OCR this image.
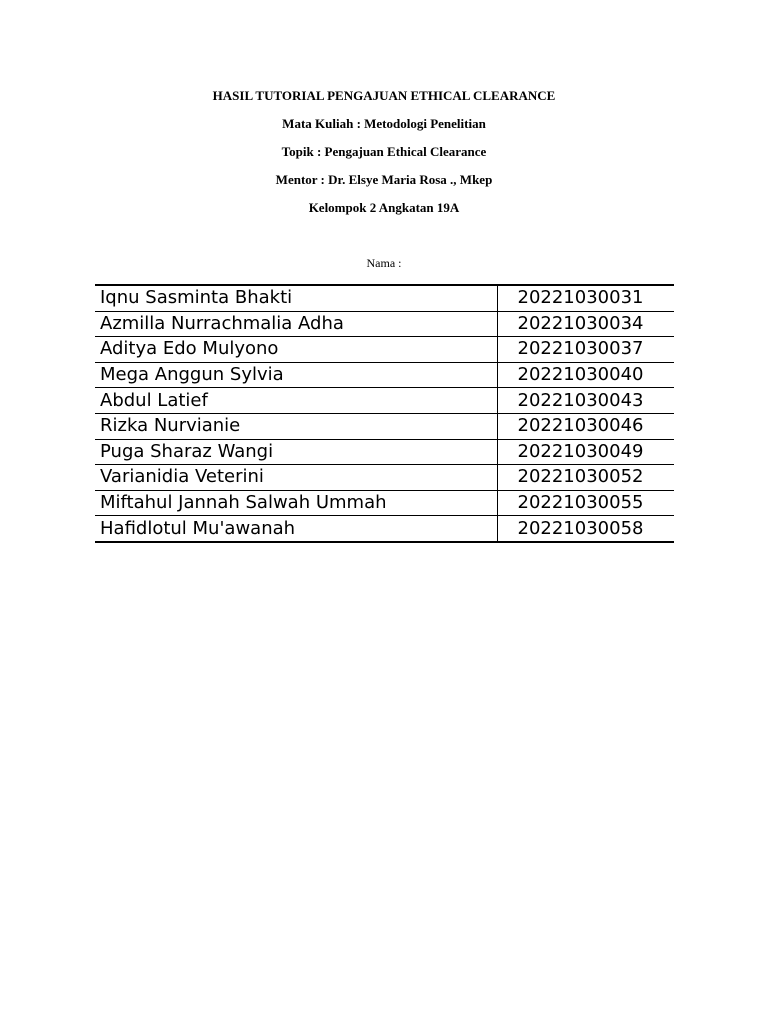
HASIL TUTORIAL PENGAJUAN ETHICAL CLEARANCE
Mata Kuliah : Metodologi Penelitian
Topik : Pengajuan Ethical Clearance
Mentor : Dr. Elsye Maria Rosa ., Mkep
Kelompok 2 Angkatan 19A
Nama :
Iqnu Sasminta Bhakti	20221030031
Azmilla Nurrachmalia Adha	20221030034
Aditya Edo Mulyono	20221030037
Mega Anggun Sylvia	20221030040
Abdul Latief	20221030043
Rizka Nurvianie	20221030046
Puga Sharaz Wangi	20221030049
Varianidia Veterini	20221030052
Miftahul Jannah Salwah Ummah	20221030055
Hafidlotul Mu'awanah	20221030058
